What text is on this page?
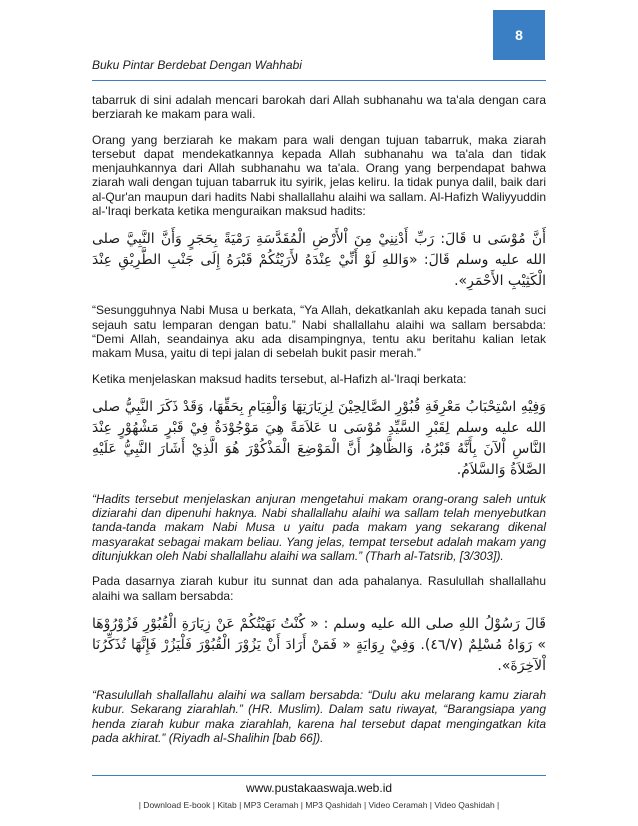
8
Buku Pintar Berdebat Dengan Wahhabi

tabarruk di sini adalah mencari barokah dari Allah subhanahu wa ta'ala dengan cara berziarah ke makam para wali.

Orang yang berziarah ke makam para wali dengan tujuan tabarruk, maka ziarah tersebut dapat mendekatkannya kepada Allah subhanahu wa ta'ala dan tidak menjauhkannya dari Allah subhanahu wa ta'ala. Orang yang berpendapat bahwa ziarah wali dengan tujuan tabarruk itu syirik, jelas keliru. Ia tidak punya dalil, baik dari al-Qur'an maupun dari hadits Nabi shallallahu alaihi wa sallam. Al-Hafizh Waliyyuddin al-'Iraqi berkata ketika menguraikan maksud hadits:

أَنَّ مُوْسَى u قَالَ: رَبِّ أَدْنِنِيْ مِنَ اْلأَرْضِ الْمُقَدَّسَةِ رَمْيَةً بِحَجَرٍ وَأَنَّ النَّبِيَّ صلى الله عليه وسلم قَالَ: «وَاللهِ لَوْ أَنِّيْ عِنْدَهُ لأَرَيْتُكُمْ قَبْرَهُ إِلَى جَنْبِ الطَّرِيْقِ عِنْدَ الْكَثِيْبِ الأَحْمَرِ».

“Sesungguhnya Nabi Musa u berkata, “Ya Allah, dekatkanlah aku kepada tanah suci sejauh satu lemparan dengan batu.” Nabi shallallahu alaihi wa sallam bersabda: “Demi Allah, seandainya aku ada disampingnya, tentu aku beritahu kalian letak makam Musa, yaitu di tepi jalan di sebelah bukit pasir merah.”

Ketika menjelaskan maksud hadits tersebut, al-Hafizh al-'Iraqi berkata:

وَفِيْهِ اسْتِحْبَابُ مَعْرِفَةِ قُبُوْرِ الصَّالِحِيْنَ لِزِيَارَتِهَا وَالْقِيَامِ بِحَقِّهَا، وَقَدْ ذَكَرَ النَّبِيُّ صلى الله عليه وسلم لِقَبْرِ السَّيِّدِ مُوْسَى u عَلاَمَةً هِيَ مَوْجُوْدَةٌ فِيْ قَبْرٍ مَشْهُوْرٍ عِنْدَ النَّاسِ اْلآنَ بِأَنَّهُ قَبْرُهُ، وَالظَّاهِرُ أَنَّ الْمَوْضِعَ الْمَذْكُوْرَ هُوَ الَّذِيْ أَشَارَ النَّبِيُّ عَلَيْهِ الصَّلاَةُ وَالسَّلاَمُ.

“Hadits tersebut menjelaskan anjuran mengetahui makam orang-orang saleh untuk diziarahi dan dipenuhi haknya. Nabi shallallahu alaihi wa sallam telah menyebutkan tanda-tanda makam Nabi Musa u yaitu pada makam yang sekarang dikenal masyarakat sebagai makam beliau. Yang jelas, tempat tersebut adalah makam yang ditunjukkan oleh Nabi shallallahu alaihi wa sallam.” (Tharh al-Tatsrib, [3/303]).

Pada dasarnya ziarah kubur itu sunnat dan ada pahalanya. Rasulullah shallallahu alaihi wa sallam bersabda:

قَالَ رَسُوْلُ اللهِ صلى الله عليه وسلم : « كُنْتُ نَهَيْتُكُمْ عَنْ زِيَارَةِ الْقُبُوْرِ فَزُوْرُوْهَا » رَوَاهُ مُسْلِمٌ (٤٦/٧). وَفِيْ رِوَايَةٍ « فَمَنْ أَرَادَ أَنْ يَزُوْرَ الْقُبُوْرَ فَلْيَزُرْ فَإِنَّهَا تُذَكِّرُنَا اْلآخِرَةَ».

“Rasulullah shallallahu alaihi wa sallam bersabda: “Dulu aku melarang kamu ziarah kubur. Sekarang ziarahlah.” (HR. Muslim). Dalam satu riwayat, “Barangsiapa yang henda ziarah kubur maka ziarahlah, karena hal tersebut dapat mengingatkan kita pada akhirat.” (Riyadh al-Shalihin [bab 66]).

www.pustakaaswaja.web.id
| Download E-book | Kitab | MP3 Ceramah | MP3 Qashidah | Video Ceramah | Video Qashidah |
